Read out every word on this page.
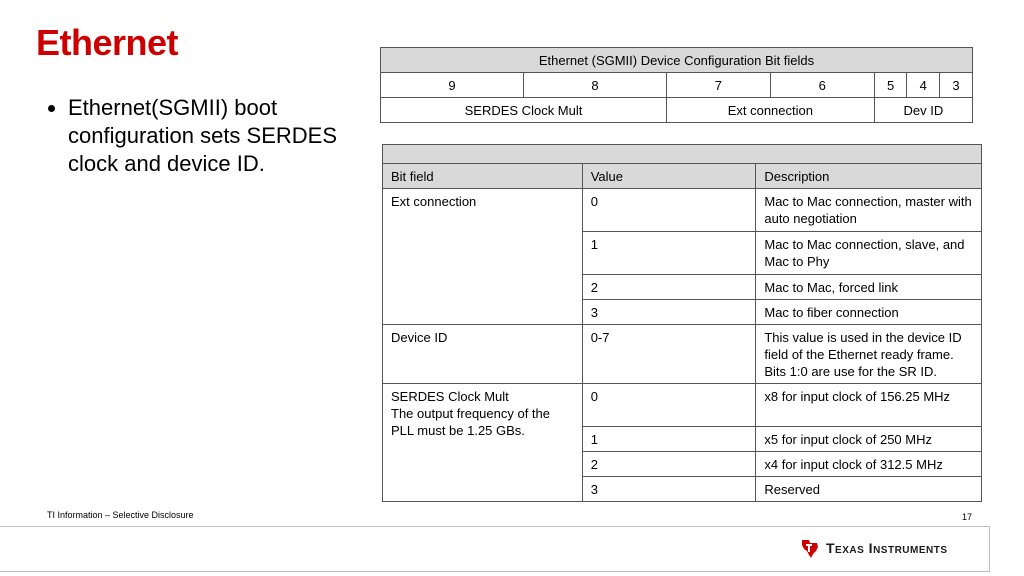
Ethernet
• Ethernet(SGMII) boot configuration sets SERDES clock and device ID.
Ethernet (SGMII) Device Configuration Bit fields						
9	8	7	6	5	4	3
SERDES Clock Mult		Ext connection		Dev ID		

Bit field	Value	Description
Ext connection	0	Mac to Mac connection, master with auto negotiation
	1	Mac to Mac connection, slave, and Mac to Phy
	2	Mac to Mac, forced link
	3	Mac to fiber connection
Device ID	0-7	This value is used in the device ID field of the Ethernet ready frame. Bits 1:0 are use for the SR ID.

SERDES Clock Mult
The output frequency of the PLL must be 1.25 GBs.	0	x8 for input clock of 156.25 MHz
	1	x5 for input clock of 250 MHz
	2	x4 for input clock of 312.5 MHz
	3	Reserved
TI Information – Selective Disclosure	17
Texas Instruments
